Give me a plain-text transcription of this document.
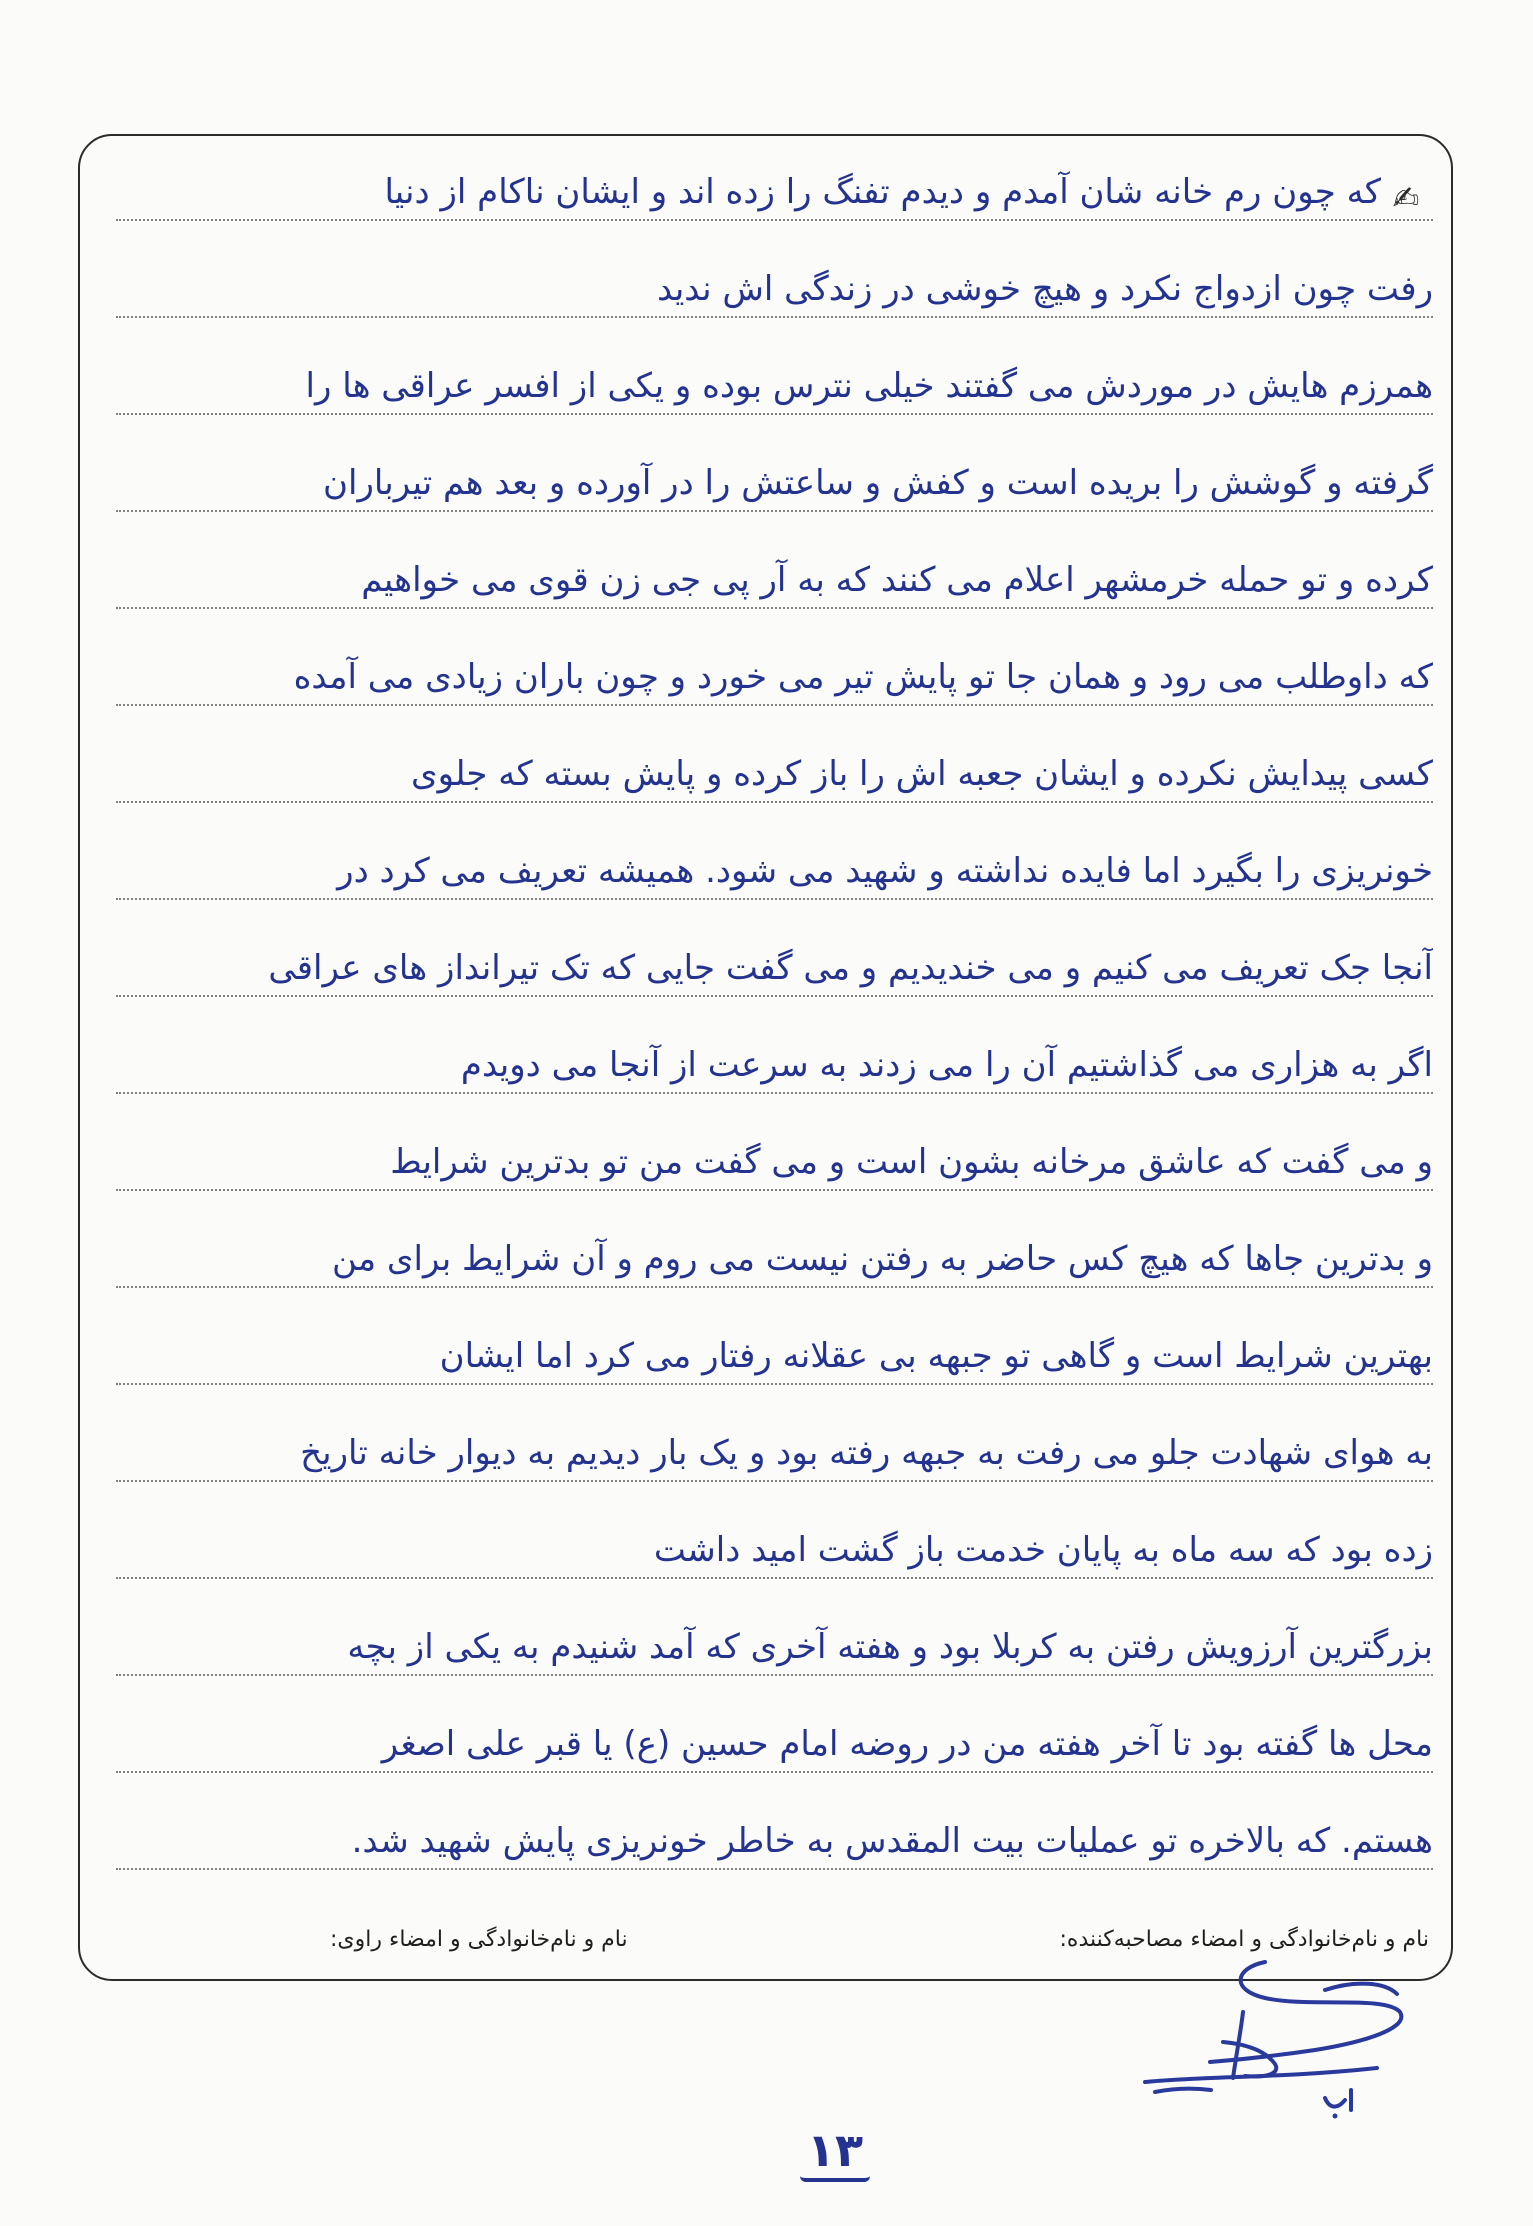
✍
که چون رم خانه شان آمدم و دیدم تفنگ را زده اند و ایشان ناکام از دنیا
رفت چون ازدواج نکرد و هیچ خوشی در زندگی اش ندید
همرزم هایش در موردش می گفتند خیلی نترس بوده و یکی از افسر عراقی ها را
گرفته و گوشش را بریده است و کفش و ساعتش را در آورده و بعد هم تیرباران
کرده و تو حمله خرمشهر اعلام می کنند که به آر پی جی زن قوی می خواهیم
که داوطلب می رود و همان جا تو پایش تیر می خورد و چون باران زیادی می آمده
کسی پیدایش نکرده و ایشان جعبه اش را باز کرده و پایش بسته که جلوی
خونریزی را بگیرد اما فایده نداشته و شهید می شود. همیشه تعریف می کرد در
آنجا جک تعریف می کنیم و می خندیدیم و می گفت جایی که تک تیرانداز های عراقی
اگر به هزاری می گذاشتیم آن را می زدند به سرعت از آنجا می دویدم
و می گفت که عاشق مرخانه بشون است و می گفت من تو بدترین شرایط
و بدترین جاها که هیچ کس حاضر به رفتن نیست می روم و آن شرایط برای من
بهترین شرایط است و گاهی تو جبهه بی عقلانه رفتار می کرد اما ایشان
به هوای شهادت جلو می رفت به جبهه رفته بود و یک بار دیدیم به دیوار خانه تاریخ
زده بود که سه ماه به پایان خدمت باز گشت امید داشت
بزرگترین آرزویش رفتن به کربلا بود و هفته آخری که آمد شنیدم به یکی از بچه
محل ها گفته بود تا آخر هفته من در روضه امام حسین (ع) یا قبر علی اصغر
هستم. که بالاخره تو عملیات بیت المقدس به خاطر خونریزی پایش شهید شد.
نام و نام‌خانوادگی و امضاء مصاحبه‌کننده:
نام و نام‌خانوادگی و امضاء راوی:
۱۳
